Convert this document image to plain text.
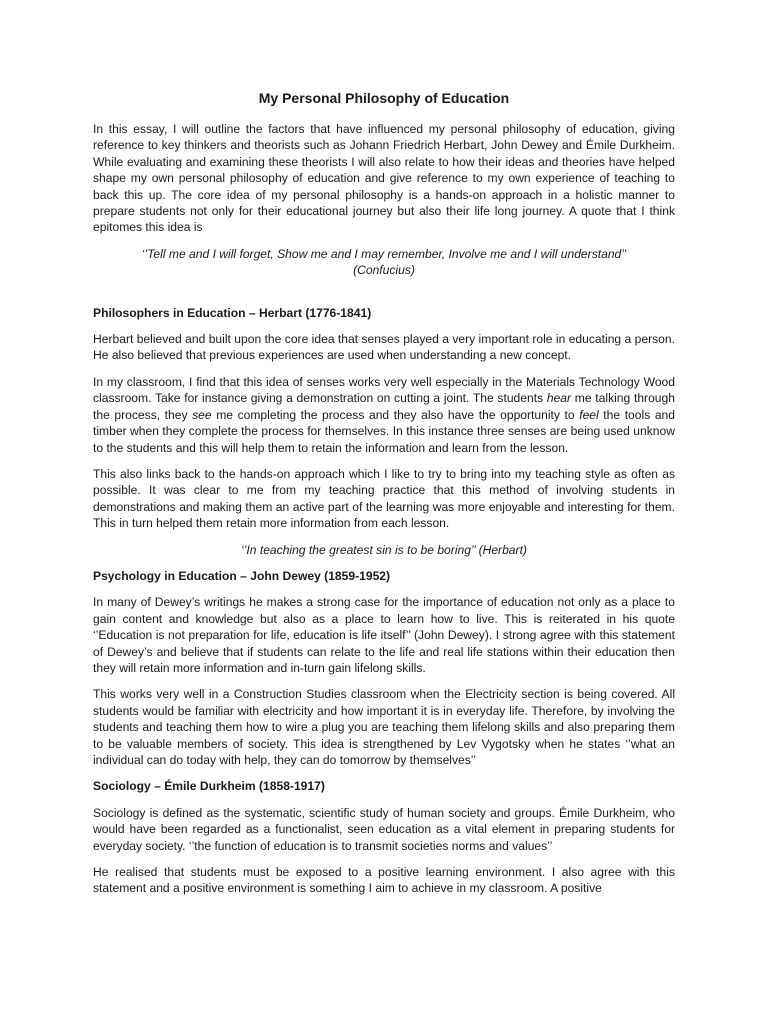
My Personal Philosophy of Education

In this essay, I will outline the factors that have influenced my personal philosophy of education, giving reference to key thinkers and theorists such as Johann Friedrich Herbart, John Dewey and Émile Durkheim. While evaluating and examining these theorists I will also relate to how their ideas and theories have helped shape my own personal philosophy of education and give reference to my own experience of teaching to back this up. The core idea of my personal philosophy is a hands-on approach in a holistic manner to prepare students not only for their educational journey but also their life long journey. A quote that I think epitomes this idea is

‘’Tell me and I will forget, Show me and I may remember, Involve me and I will understand’’
(Confucius)
Philosophers in Education – Herbart (1776-1841)

Herbart believed and built upon the core idea that senses played a very important role in educating a person. He also believed that previous experiences are used when understanding a new concept.

In my classroom, I find that this idea of senses works very well especially in the Materials Technology Wood classroom. Take for instance giving a demonstration on cutting a joint. The students hear me talking through the process, they see me completing the process and they also have the opportunity to feel the tools and timber when they complete the process for themselves. In this instance three senses are being used unknow to the students and this will help them to retain the information and learn from the lesson.

This also links back to the hands-on approach which I like to try to bring into my teaching style as often as possible. It was clear to me from my teaching practice that this method of involving students in demonstrations and making them an active part of the learning was more enjoyable and interesting for them. This in turn helped them retain more information from each lesson.

‘’In teaching the greatest sin is to be boring’’ (Herbart)
Psychology in Education – John Dewey (1859-1952)

In many of Dewey’s writings he makes a strong case for the importance of education not only as a place to gain content and knowledge but also as a place to learn how to live. This is reiterated in his quote ‘’Education is not preparation for life, education is life itself’’ (John Dewey). I strong agree with this statement of Dewey’s and believe that if students can relate to the life and real life stations within their education then they will retain more information and in-turn gain lifelong skills.

This works very well in a Construction Studies classroom when the Electricity section is being covered. All students would be familiar with electricity and how important it is in everyday life. Therefore, by involving the students and teaching them how to wire a plug you are teaching them lifelong skills and also preparing them to be valuable members of society. This idea is strengthened by Lev Vygotsky when he states ‘’what an individual can do today with help, they can do tomorrow by themselves’’

Sociology – Émile Durkheim (1858-1917)

Sociology is defined as the systematic, scientific study of human society and groups. Émile Durkheim, who would have been regarded as a functionalist, seen education as a vital element in preparing students for everyday society. ‘’the function of education is to transmit societies norms and values’’

He realised that students must be exposed to a positive learning environment. I also agree with this statement and a positive environment is something I aim to achieve in my classroom. A positive
